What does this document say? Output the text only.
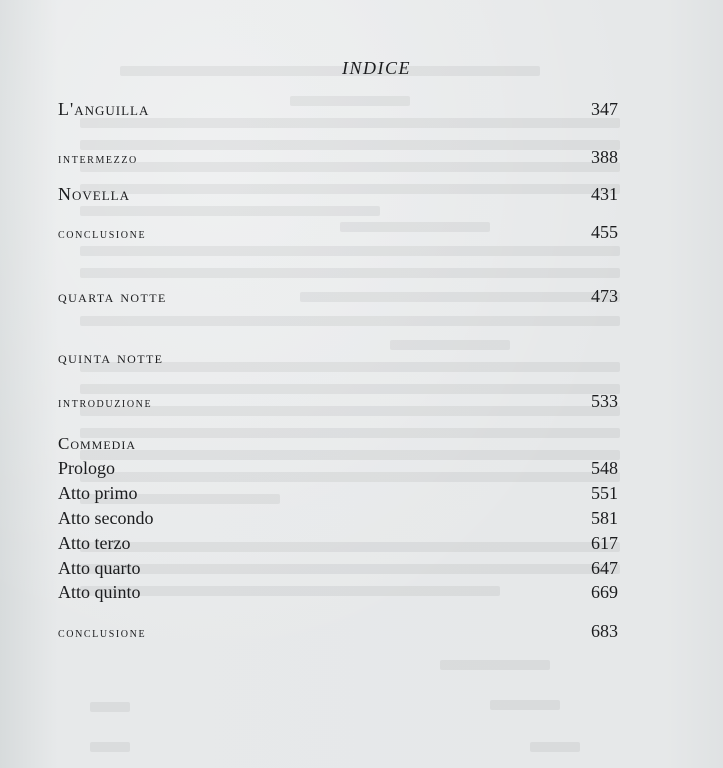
INDICE
L'anguilla	347
intermezzo	388
Novella	431
conclusione	455
quarta notte	473
quinta notte
introduzione	533
Commedia
Prologo	548
Atto primo	551
Atto secondo	581
Atto terzo	617
Atto quarto	647
Atto quinto	669
conclusione	683
